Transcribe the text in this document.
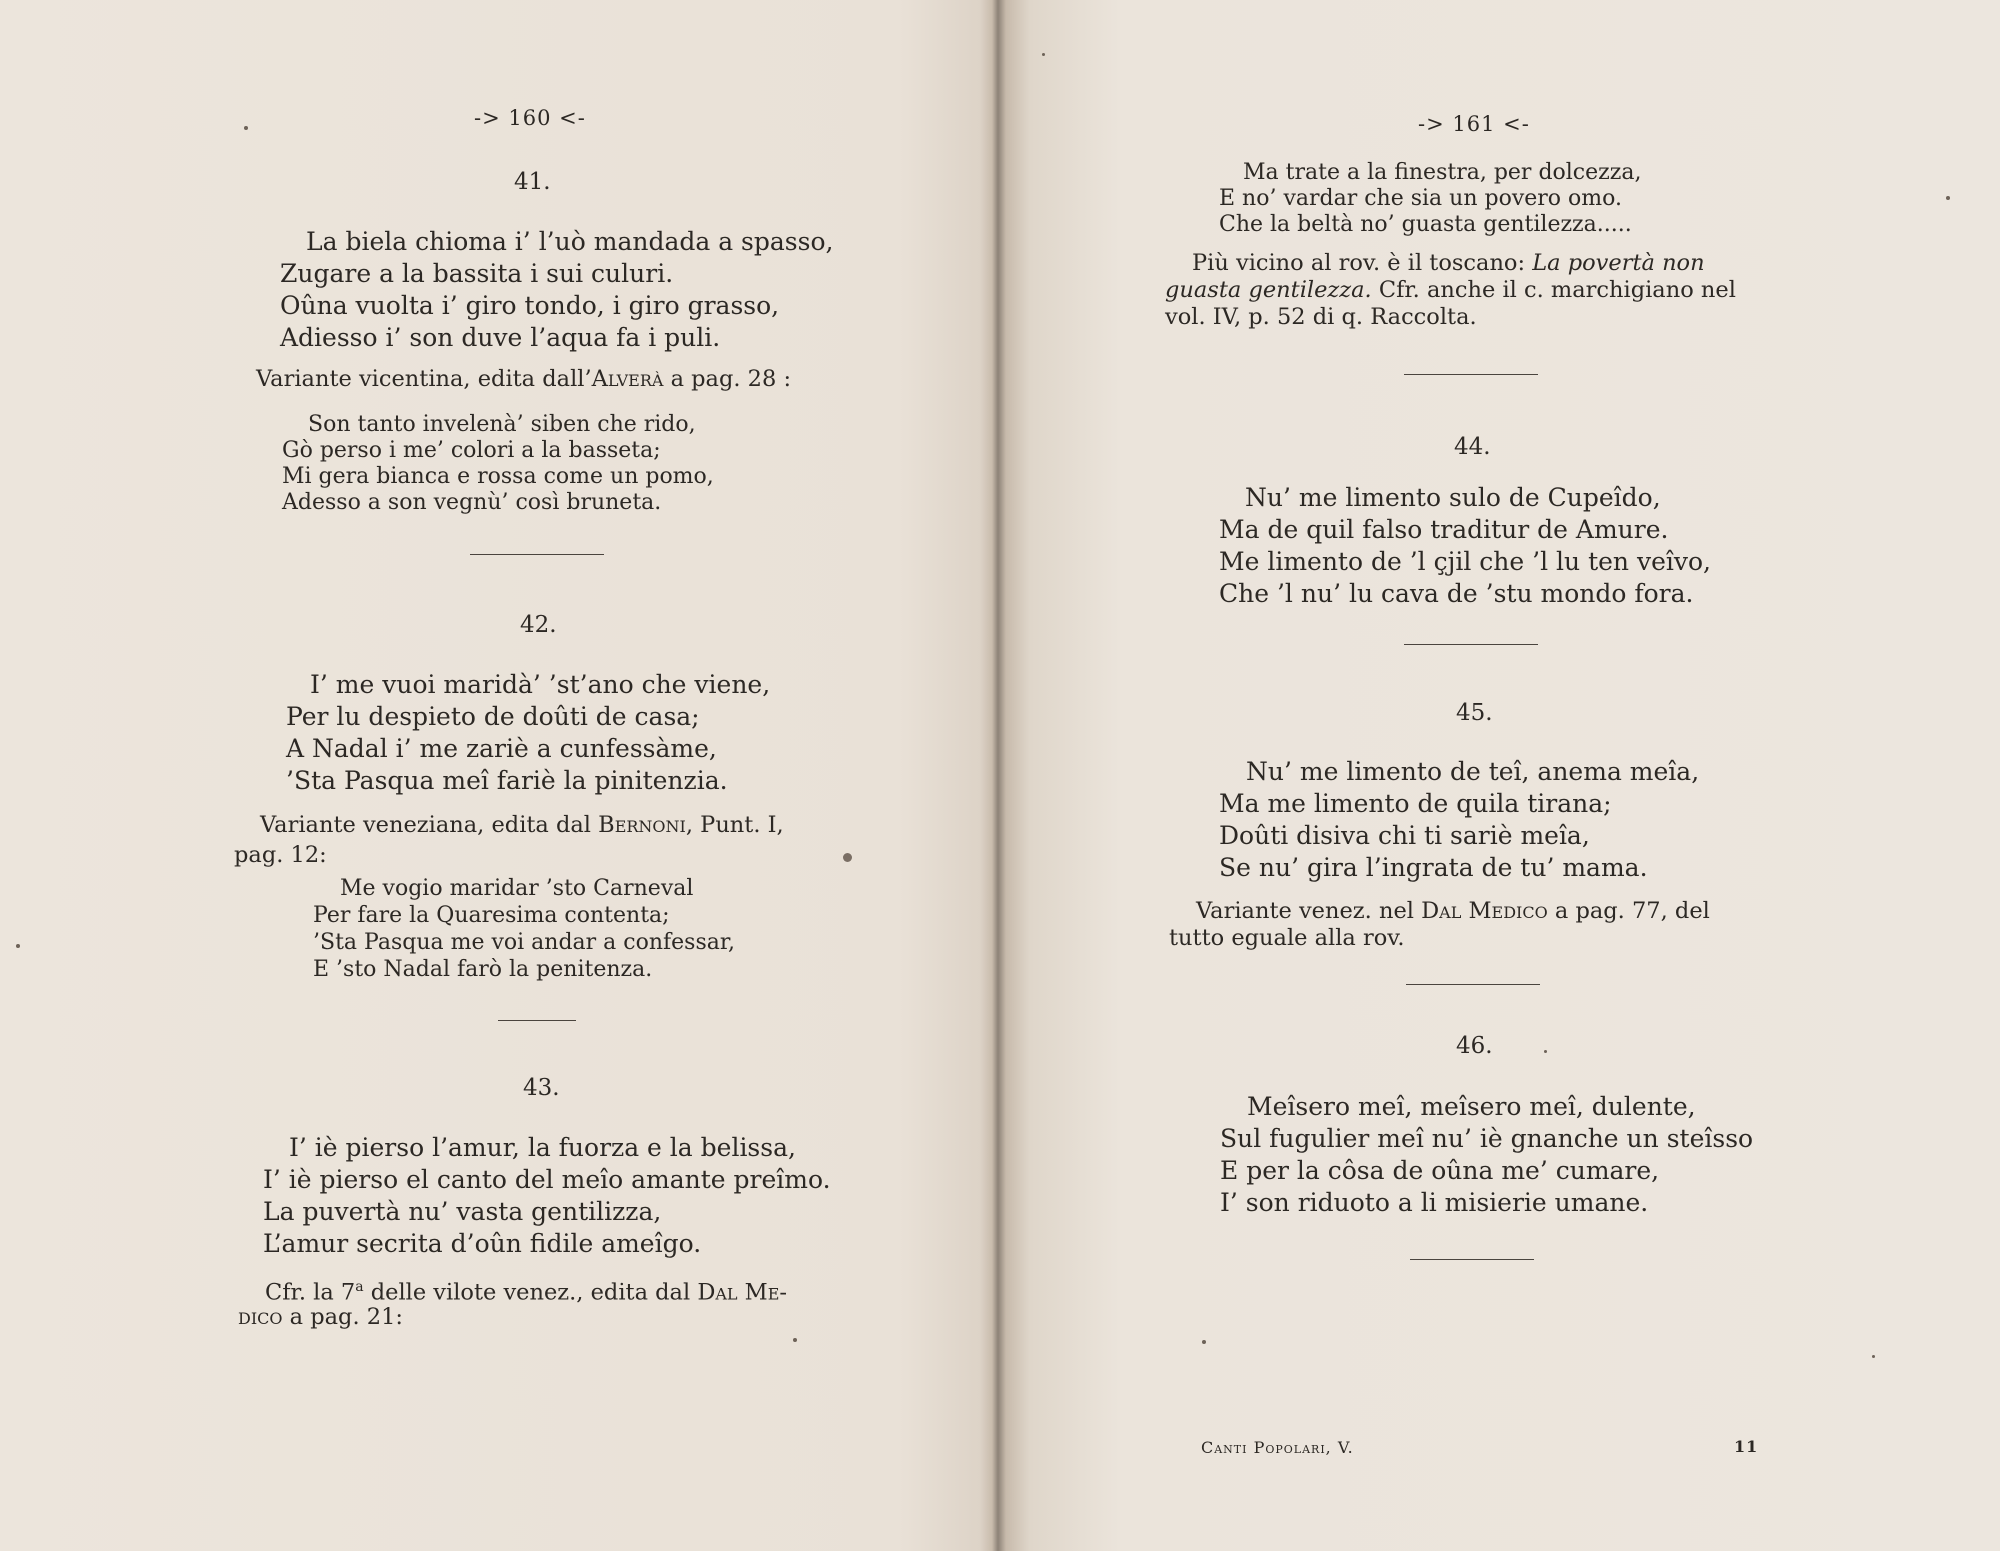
-> 160 <-

41.

La biela chioma i’ l’uò mandada a spasso,

Zugare a la bassita i sui culuri.

Oûna vuolta i’ giro tondo, i giro grasso,

Adiesso i’ son duve l’aqua fa i puli.

Variante vicentina, edita dall’Alverà a pag. 28 :

Son tanto invelenà’ siben che rido,

Gò perso i me’ colori a la basseta;

Mi gera bianca e rossa come un pomo,

Adesso a son vegnù’ così bruneta.

42.

I’ me vuoi maridà’ ’st’ano che viene,

Per lu despieto de doûti de casa;

A Nadal i’ me zariè a cunfessàme,

’Sta Pasqua meî fariè la pinitenzia.

Variante veneziana, edita dal Bernoni, Punt. I,

pag. 12:

Me vogio maridar ’sto Carneval

Per fare la Quaresima contenta;

’Sta Pasqua me voi andar a confessar,

E ’sto Nadal farò la penitenza.

43.

I’ iè pierso l’amur, la fuorza e la belissa,

I’ iè pierso el canto del meîo amante preîmo.

La puvertà nu’ vasta gentilizza,

L’amur secrita d’oûn fidile ameîgo.

Cfr. la 7$^a$ delle vilote venez., edita dal Dal Me-

dico a pag. 21:

-> 161 <-

Ma trate a la finestra, per dolcezza,

E no’ vardar che sia un povero omo.

Che la beltà no’ guasta gentilezza.....

Più vicino al rov. è il toscano: La povertà non

guasta gentilezza. Cfr. anche il c. marchigiano nel

vol. IV, p. 52 di q. Raccolta.

44.

Nu’ me limento sulo de Cupeîdo,

Ma de quil falso traditur de Amure.

Me limento de ’l çjil che ’l lu ten veîvo,

Che ’l nu’ lu cava de ’stu mondo fora.

45.

Nu’ me limento de teî, anema meîa,

Ma me limento de quila tirana;

Doûti disiva chi ti sariè meîa,

Se nu’ gira l’ingrata de tu’ mama.

Variante venez. nel Dal Medico a pag. 77, del

tutto eguale alla rov.

46.

Meîsero meî, meîsero meî, dulente,

Sul fugulier meî nu’ iè gnanche un steîsso

E per la côsa de oûna me’ cumare,

I’ son riduoto a li misierie umane.

Canti Popolari, V.	11
